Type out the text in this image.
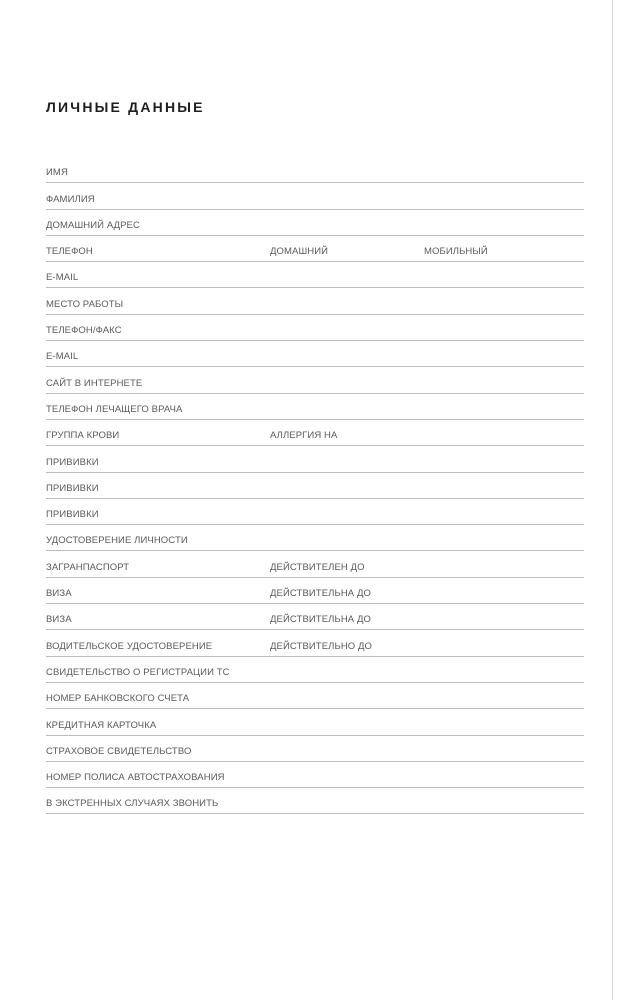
ЛИЧНЫЕ ДАННЫЕ
ИМЯ
ФАМИЛИЯ
ДОМАШНИЙ АДРЕС
ТЕЛЕФОН	ДОМАШНИЙ	МОБИЛЬНЫЙ
E-MAIL
МЕСТО РАБОТЫ
ТЕЛЕФОН/ФАКС
E-MAIL
САЙТ В ИНТЕРНЕТЕ
ТЕЛЕФОН ЛЕЧАЩЕГО ВРАЧА
ГРУППА КРОВИ	АЛЛЕРГИЯ НА
ПРИВИВКИ
ПРИВИВКИ
ПРИВИВКИ
УДОСТОВЕРЕНИЕ ЛИЧНОСТИ
ЗАГРАНПАСПОРТ	ДЕЙСТВИТЕЛЕН ДО
ВИЗА	ДЕЙСТВИТЕЛЬНА ДО
ВИЗА	ДЕЙСТВИТЕЛЬНА ДО
ВОДИТЕЛЬСКОЕ УДОСТОВЕРЕНИЕ	ДЕЙСТВИТЕЛЬНО ДО
СВИДЕТЕЛЬСТВО О РЕГИСТРАЦИИ ТС
НОМЕР БАНКОВСКОГО СЧЕТА
КРЕДИТНАЯ КАРТОЧКА
СТРАХОВОЕ СВИДЕТЕЛЬСТВО
НОМЕР ПОЛИСА АВТОСТРАХОВАНИЯ
В ЭКСТРЕННЫХ СЛУЧАЯХ ЗВОНИТЬ
